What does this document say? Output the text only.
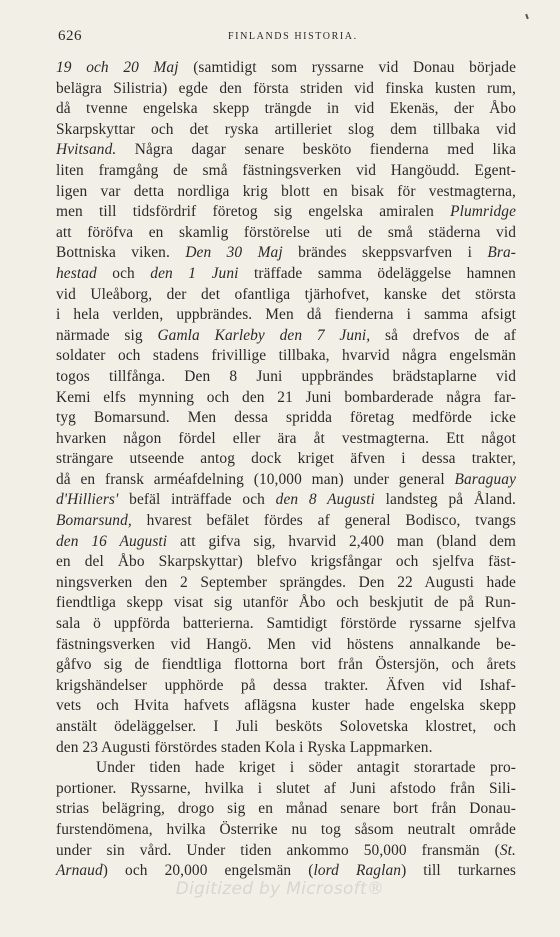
626	FINLANDS HISTORIA.
19 och 20 Maj (samtidigt som ryssarne vid Donau började
belägra Silistria) egde den första striden vid finska kusten rum,
då tvenne engelska skepp trängde in vid Ekenäs, der Åbo
Skarpskyttar och det ryska artilleriet slog dem tillbaka vid
Hvitsand. Några dagar senare besköto fienderna med lika
liten framgång de små fästningsverken vid Hangöudd. Egent-
ligen var detta nordliga krig blott en bisak för vestmagterna,
men till tidsfördrif företog sig engelska amiralen Plumridge
att föröfva en skamlig förstörelse uti de små städerna vid
Bottniska viken. Den 30 Maj brändes skeppsvarfven i Bra-
hestad och den 1 Juni träffade samma ödeläggelse hamnen
vid Uleåborg, der det ofantliga tjärhofvet, kanske det största
i hela verlden, uppbrändes. Men då fienderna i samma afsigt
närmade sig Gamla Karleby den 7 Juni, så drefvos de af
soldater och stadens frivillige tillbaka, hvarvid några engelsmän
togos tillfånga. Den 8 Juni uppbrändes brädstaplarne vid
Kemi elfs mynning och den 21 Juni bombarderade några far-
tyg Bomarsund. Men dessa spridda företag medförde icke
hvarken någon fördel eller ära åt vestmagterna. Ett något
strängare utseende antog dock kriget äfven i dessa trakter,
då en fransk arméafdelning (10,000 man) under general Baraguay
d'Hilliers' befäl inträffade och den 8 Augusti landsteg på Åland.
Bomarsund, hvarest befälet fördes af general Bodisco, tvangs
den 16 Augusti att gifva sig, hvarvid 2,400 man (bland dem
en del Åbo Skarpskyttar) blefvo krigsfångar och sjelfva fäst-
ningsverken den 2 September sprängdes. Den 22 Augusti hade
fiendtliga skepp visat sig utanför Åbo och beskjutit de på Run-
sala ö uppförda batterierna. Samtidigt förstörde ryssarne sjelfva
fästningsverken vid Hangö. Men vid höstens annalkande be-
gåfvo sig de fiendtliga flottorna bort från Östersjön, och årets
krigshändelser upphörde på dessa trakter. Äfven vid Ishaf-
vets och Hvita hafvets aflägsna kuster hade engelska skepp
anstält ödeläggelser. I Juli besköts Solovetska klostret, och
den 23 Augusti förstördes staden Kola i Ryska Lappmarken.
Under tiden hade kriget i söder antagit storartade pro-
portioner. Ryssarne, hvilka i slutet af Juni afstodo från Sili-
strias belägring, drogo sig en månad senare bort från Donau-
furstendömena, hvilka Österrike nu tog såsom neutralt område
under sin vård. Under tiden ankommo 50,000 fransmän (St.
Arnaud) och 20,000 engelsmän (lord Raglan) till turkarnes
Digitized by Microsoft®
